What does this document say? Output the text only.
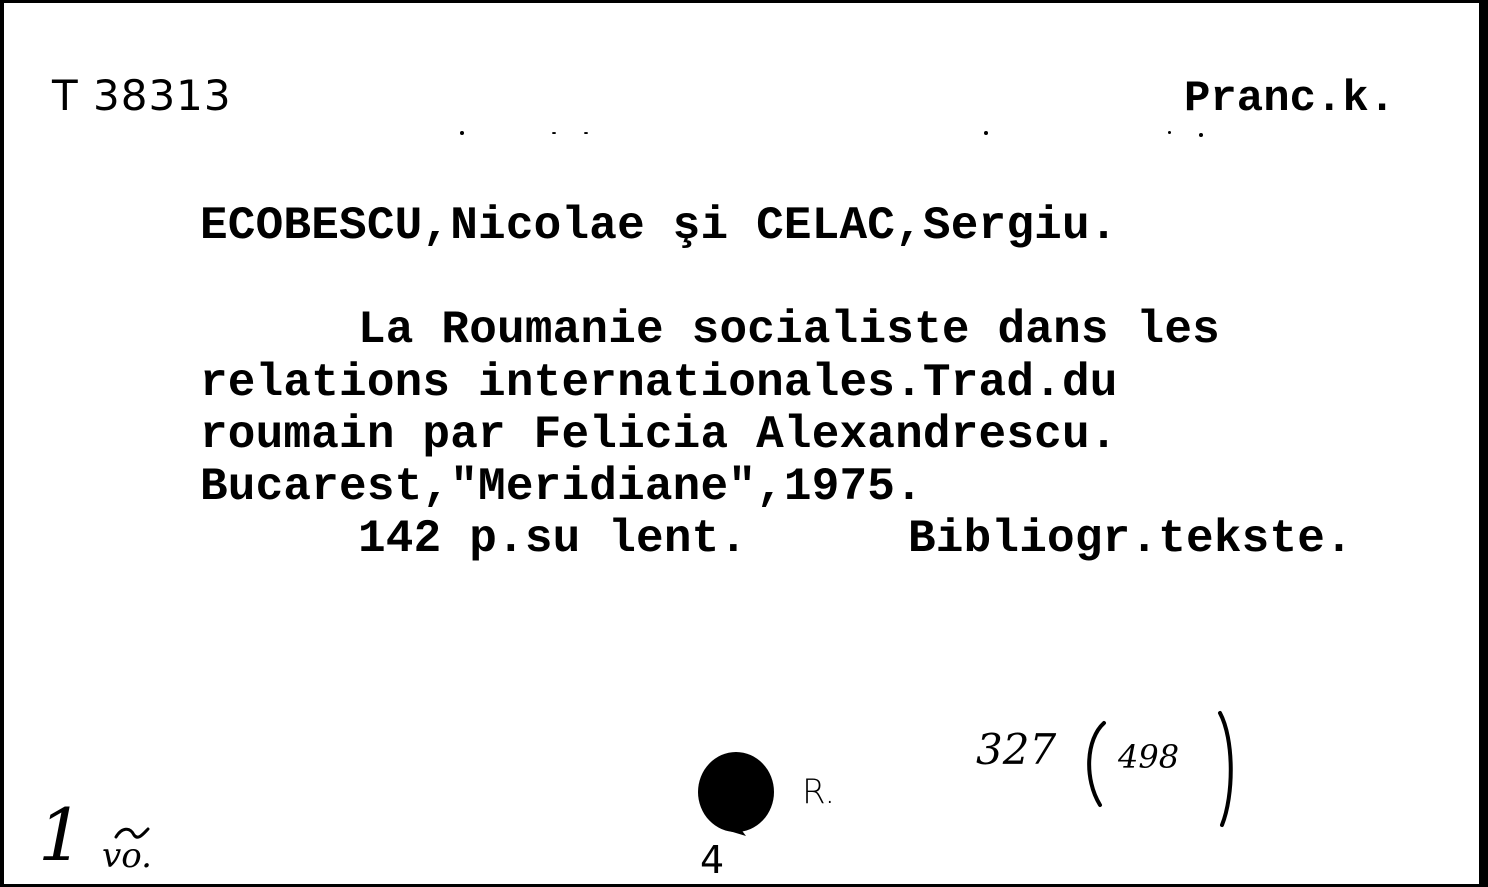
T 38313	Pranc.k.
ECOBESCU,Nicolae şi CELAC,Sergiu.
La Roumanie socialiste dans les
relations internationales.Trad.du
roumain par Felicia Alexandrescu.
Bucarest,"Meridiane",1975.
142 p.su lent.	Bibliogr.tekste.
327 498
R.
4
1 vo.
